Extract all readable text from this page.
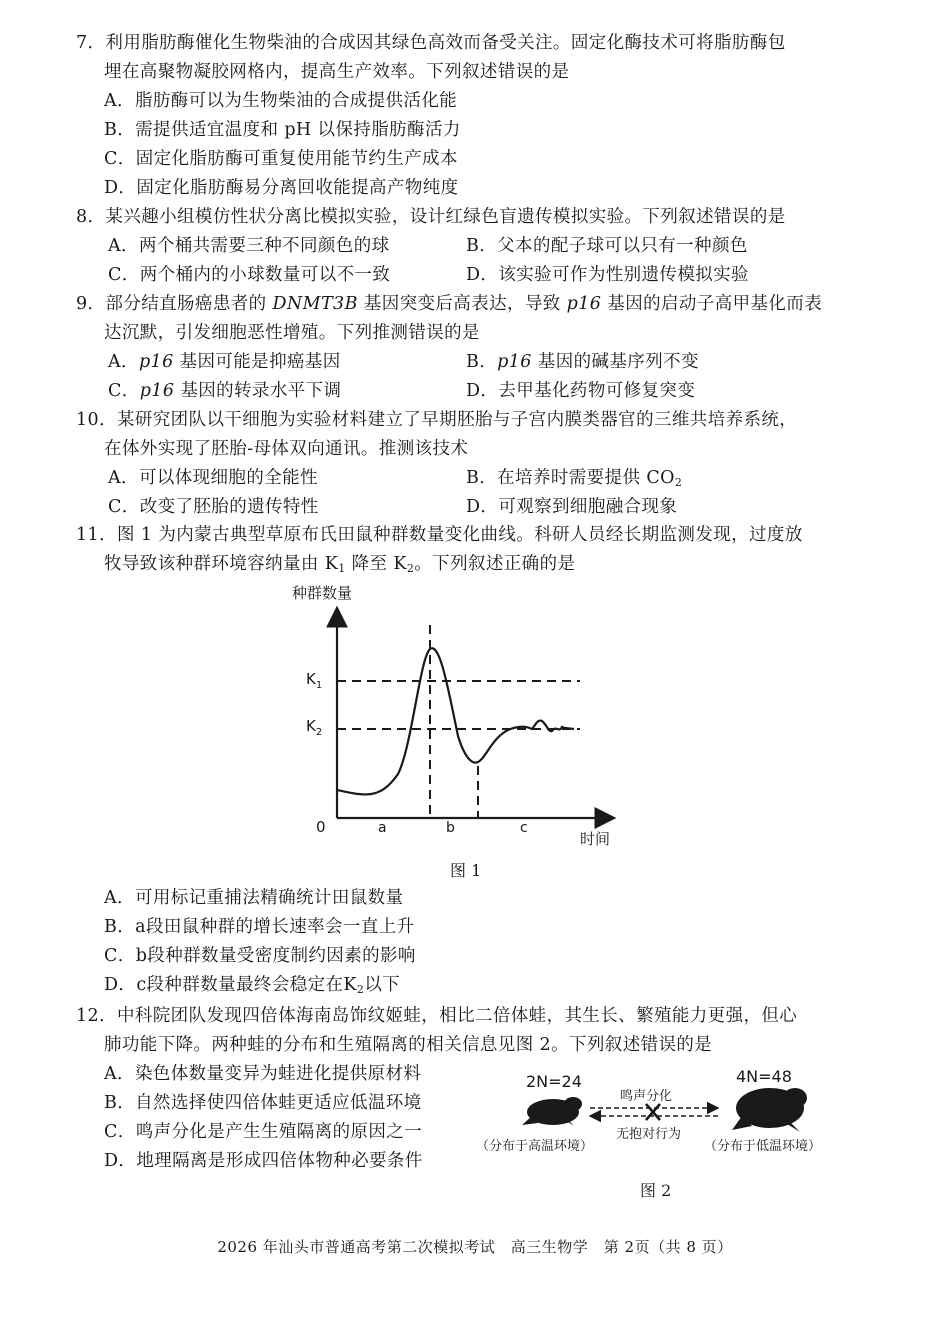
7．利用脂肪酶催化生物柴油的合成因其绿色高效而备受关注。固定化酶技术可将脂肪酶包
埋在高聚物凝胶网格内，提高生产效率。下列叙述错误的是
A．脂肪酶可以为生物柴油的合成提供活化能
B．需提供适宜温度和 pH 以保持脂肪酶活力
C．固定化脂肪酶可重复使用能节约生产成本
D．固定化脂肪酶易分离回收能提高产物纯度
8．某兴趣小组模仿性状分离比模拟实验，设计红绿色盲遗传模拟实验。下列叙述错误的是
A．两个桶共需要三种不同颜色的球	B．父本的配子球可以只有一种颜色
C．两个桶内的小球数量可以不一致	D．该实验可作为性别遗传模拟实验
9．部分结直肠癌患者的 DNMT3B 基因突变后高表达，导致 p16 基因的启动子高甲基化而表
达沉默，引发细胞恶性增殖。下列推测错误的是
A．p16 基因可能是抑癌基因	B．p16 基因的碱基序列不变
C．p16 基因的转录水平下调	D．去甲基化药物可修复突变
10．某研究团队以干细胞为实验材料建立了早期胚胎与子宫内膜类器官的三维共培养系统，
在体外实现了胚胎-母体双向通讯。推测该技术
A．可以体现细胞的全能性	B．在培养时需要提供 $CO_2$
C．改变了胚胎的遗传特性	D．可观察到细胞融合现象
11．图 1 为内蒙古典型草原布氏田鼠种群数量变化曲线。科研人员经长期监测发现，过度放
牧导致该种群环境容纳量由 $K_1$ 降至 $K_2$。下列叙述正确的是
种群数量
时间
0
$K_1$
$K_2$
a	b	c
图 1
A．可用标记重捕法精确统计田鼠数量
B．a段田鼠种群的增长速率会一直上升
C．b段种群数量受密度制约因素的影响
D．c段种群数量最终会稳定在$K_2$以下
12．中科院团队发现四倍体海南岛饰纹姬蛙，相比二倍体蛙，其生长、繁殖能力更强，但心
肺功能下降。两种蛙的分布和生殖隔离的相关信息见图 2。下列叙述错误的是
A．染色体数量变异为蛙进化提供原材料
B．自然选择使四倍体蛙更适应低温环境
C．鸣声分化是产生生殖隔离的原因之一
D．地理隔离是形成四倍体物种必要条件
2N=24	4N=48
鸣声分化
无抱对行为
（分布于高温环境）	（分布于低温环境）
图 2
2026 年汕头市普通高考第二次模拟考试　高三生物学　第 2页（共 8 页）
